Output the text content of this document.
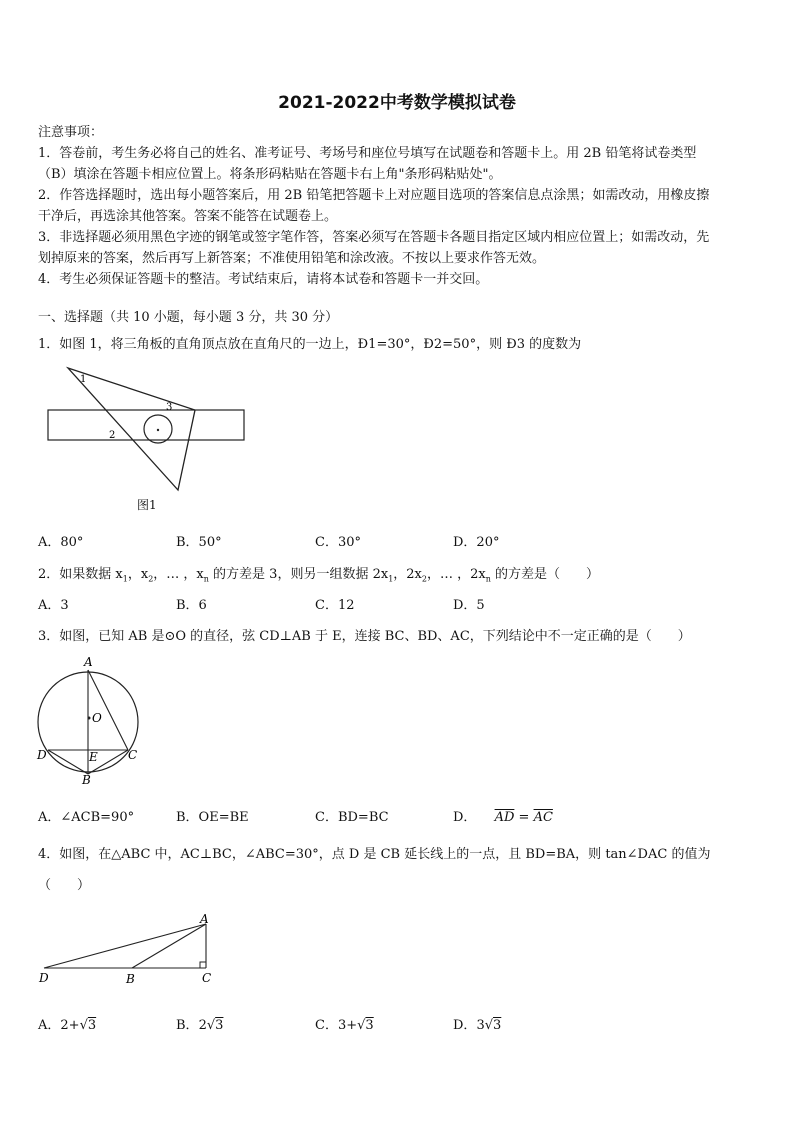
2021-2022中考数学模拟试卷
注意事项：
1．答卷前，考生务必将自己的姓名、准考证号、考场号和座位号填写在试题卷和答题卡上。用 2B 铅笔将试卷类型
（B）填涂在答题卡相应位置上。将条形码粘贴在答题卡右上角"条形码粘贴处"。
2．作答选择题时，选出每小题答案后，用 2B 铅笔把答题卡上对应题目选项的答案信息点涂黑；如需改动，用橡皮擦
干净后，再选涂其他答案。答案不能答在试题卷上。
3．非选择题必须用黑色字迹的钢笔或签字笔作答，答案必须写在答题卡各题目指定区域内相应位置上；如需改动，先
划掉原来的答案，然后再写上新答案；不准使用铅笔和涂改液。不按以上要求作答无效。
4．考生必须保证答题卡的整洁。考试结束后，请将本试卷和答题卡一并交回。
一、选择题（共 10 小题，每小题 3 分，共 30 分）
1．如图 1，将三角板的直角顶点放在直角尺的一边上，Ð1=30°，Ð2=50°，则 Ð3 的度数为
1
3
2
图1
A．80°	B．50°	C．30°	D．20°
2．如果数据 $x_1$，$x_2$，… ，$x_n$ 的方差是 3，则另一组数据 $2x_1$，$2x_2$，… ，$2x_n$ 的方差是（　　）
A．3	B．6	C．12	D．5
3．如图，已知 AB 是⊙O 的直径，弦 CD⊥AB 于 E，连接 BC、BD、AC，下列结论中不一定正确的是（　　）
A
O
D	E	C
B
A．∠ACB=90°	B．OE=BE	C．BD=BC	D． $\overline{AD} = \overline{AC}$
4．如图，在△ABC 中，AC⊥BC，∠ABC=30°，点 D 是 CB 延长线上的一点，且 BD=BA，则 tan∠DAC 的值为
（　　）
A
D	B	C
A．2+√3	B．2√3	C．3+√3	D．3√3
